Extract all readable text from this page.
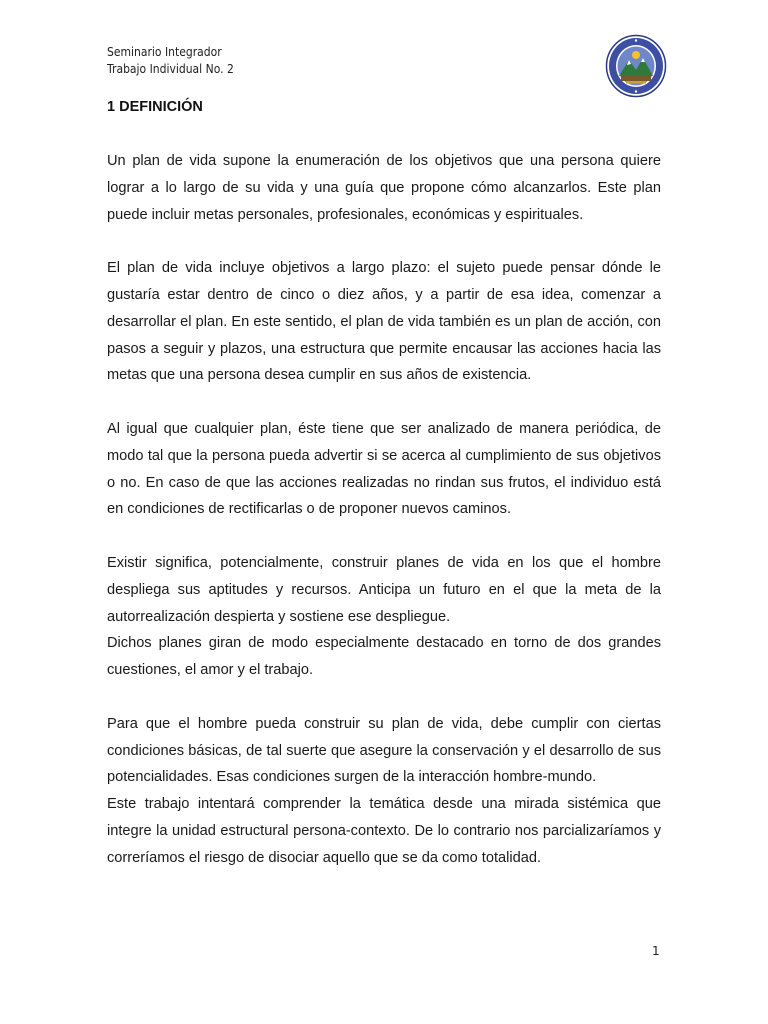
Seminario Integrador
Trabajo Individual No. 2
1 DEFINICIÓN

Un plan de vida supone la enumeración de los objetivos que una persona quiere lograr a lo largo de su vida y una guía que propone cómo alcanzarlos. Este plan puede incluir metas personales, profesionales, económicas y espirituales.

El plan de vida incluye objetivos a largo plazo: el sujeto puede pensar dónde le gustaría estar dentro de cinco o diez años, y a partir de esa idea, comenzar a desarrollar el plan. En este sentido, el plan de vida también es un plan de acción, con pasos a seguir y plazos, una estructura que permite encausar las acciones hacia las metas que una persona desea cumplir en sus años de existencia.

Al igual que cualquier plan, éste tiene que ser analizado de manera periódica, de modo tal que la persona pueda advertir si se acerca al cumplimiento de sus objetivos o no. En caso de que las acciones realizadas no rindan sus frutos, el individuo está en condiciones de rectificarlas o de proponer nuevos caminos.

Existir significa, potencialmente, construir planes de vida en los que el hombre despliega sus aptitudes y recursos. Anticipa un futuro en el que la meta de la autorrealización despierta y sostiene ese despliegue.

Dichos planes giran de modo especialmente destacado en torno de dos grandes cuestiones, el amor y el trabajo.

Para que el hombre pueda construir su plan de vida, debe cumplir con ciertas condiciones básicas, de tal suerte que asegure la conservación y el desarrollo de sus potencialidades. Esas condiciones surgen de la interacción hombre-mundo.

Este trabajo intentará comprender la temática desde una mirada sistémica que integre la unidad estructural persona-contexto. De lo contrario nos parcializaríamos y correríamos el riesgo de disociar aquello que se da como totalidad.

1
